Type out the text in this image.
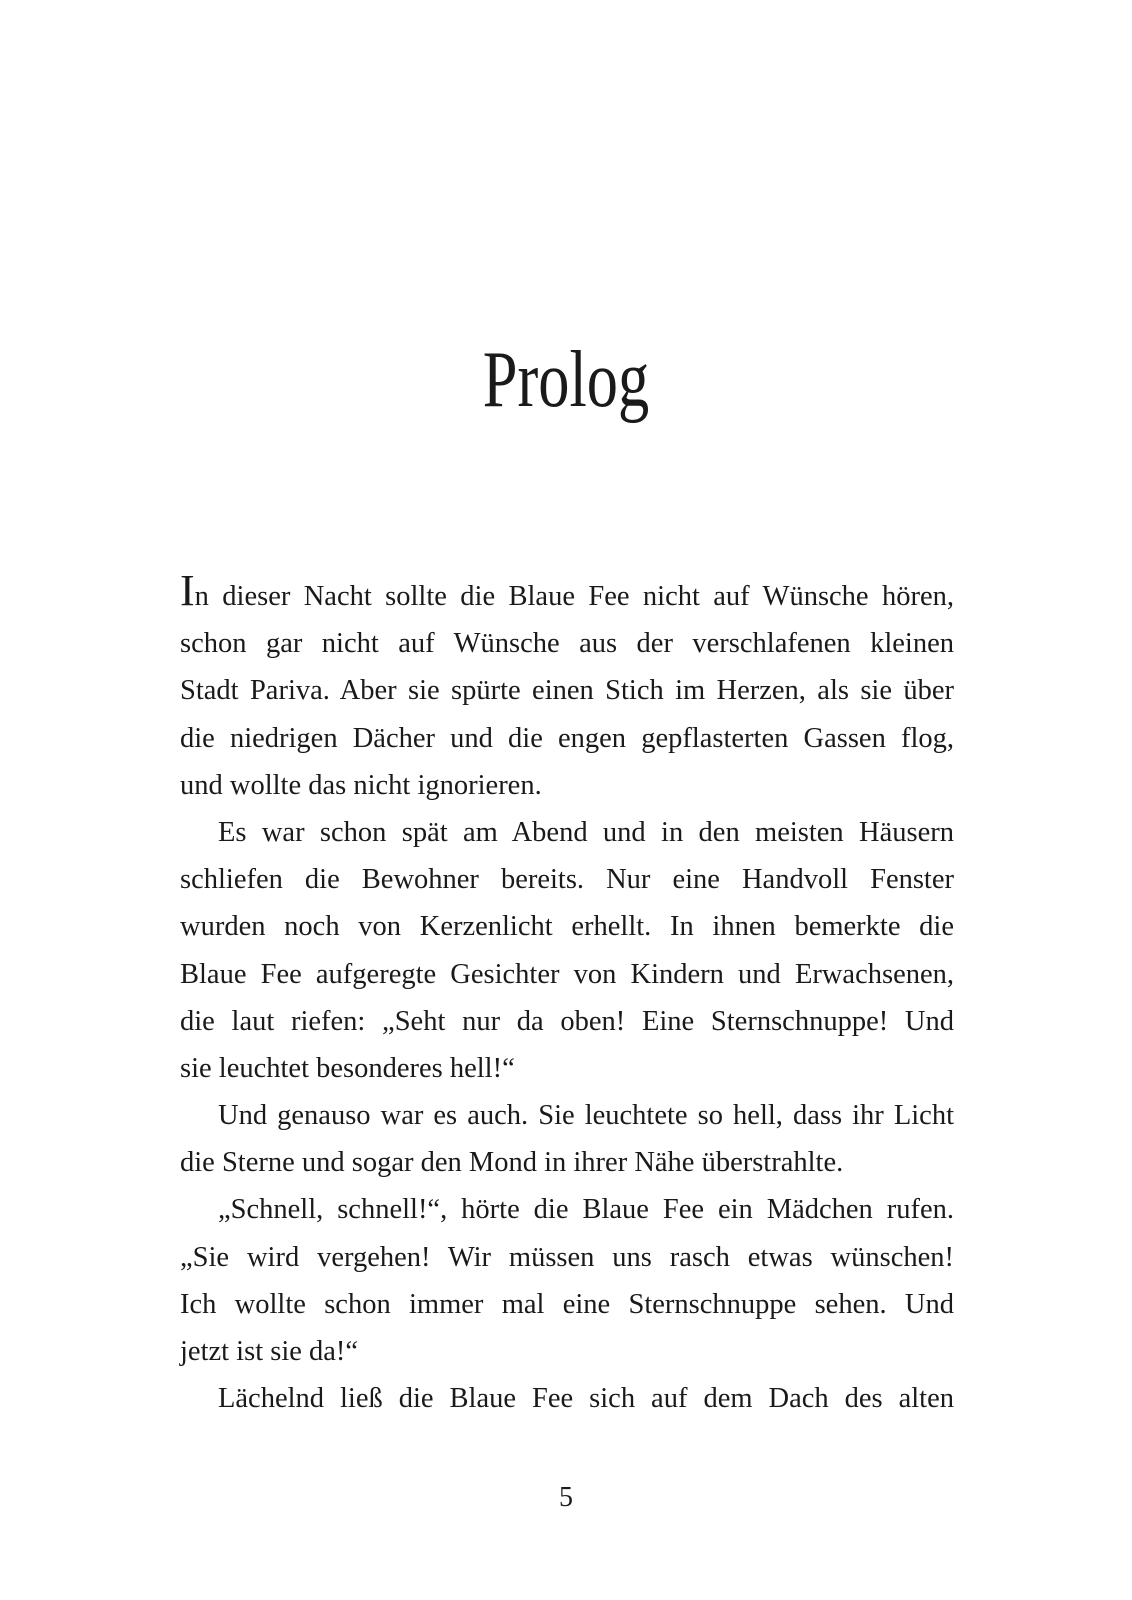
Prolog
In dieser Nacht sollte die Blaue Fee nicht auf Wünsche hören,
schon gar nicht auf Wünsche aus der verschlafenen kleinen
Stadt Pariva. Aber sie spürte einen Stich im Herzen, als sie über
die niedrigen Dächer und die engen gepflasterten Gassen flog,
und wollte das nicht ignorieren.
Es war schon spät am Abend und in den meisten Häusern
schliefen die Bewohner bereits. Nur eine Handvoll Fenster
wurden noch von Kerzenlicht erhellt. In ihnen bemerkte die
Blaue Fee aufgeregte Gesichter von Kindern und Erwachsenen,
die laut riefen: „Seht nur da oben! Eine Sternschnuppe! Und
sie leuchtet besonderes hell!“
Und genauso war es auch. Sie leuchtete so hell, dass ihr Licht
die Sterne und sogar den Mond in ihrer Nähe überstrahlte.
„Schnell, schnell!“, hörte die Blaue Fee ein Mädchen rufen.
„Sie wird vergehen! Wir müssen uns rasch etwas wünschen!
Ich wollte schon immer mal eine Sternschnuppe sehen. Und
jetzt ist sie da!“
Lächelnd ließ die Blaue Fee sich auf dem Dach des alten
5
